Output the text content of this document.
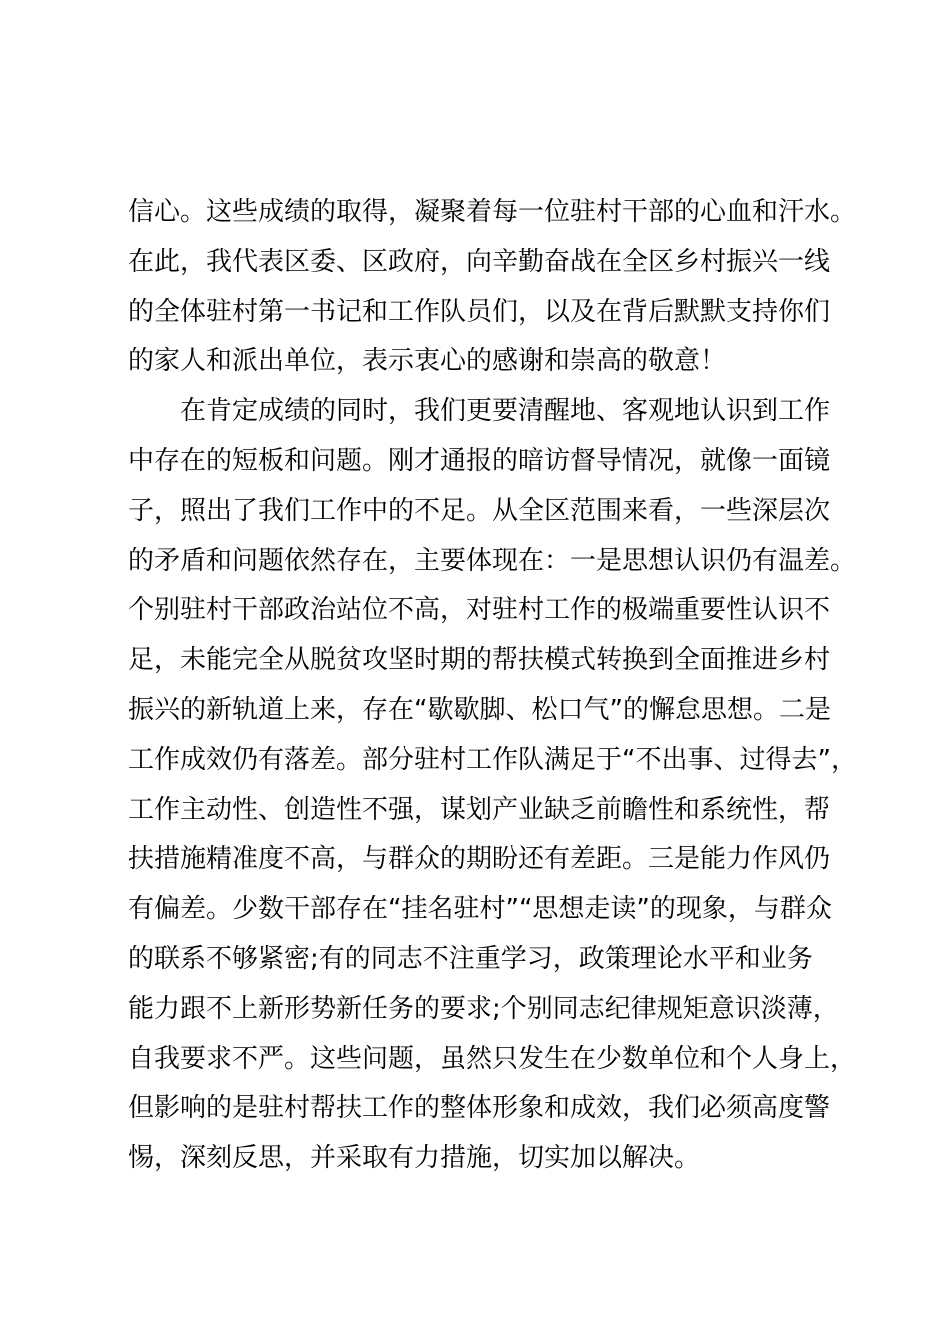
信心。这些成绩的取得，凝聚着每一位驻村干部的心血和汗水。
在此，我代表区委、区政府，向辛勤奋战在全区乡村振兴一线
的全体驻村第一书记和工作队员们，以及在背后默默支持你们
的家人和派出单位，表示衷心的感谢和崇高的敬意！
在肯定成绩的同时，我们更要清醒地、客观地认识到工作
中存在的短板和问题。刚才通报的暗访督导情况，就像一面镜
子，照出了我们工作中的不足。从全区范围来看，一些深层次
的矛盾和问题依然存在，主要体现在：一是思想认识仍有温差。
个别驻村干部政治站位不高，对驻村工作的极端重要性认识不
足，未能完全从脱贫攻坚时期的帮扶模式转换到全面推进乡村
振兴的新轨道上来，存在“歇歇脚、松口气”的懈怠思想。二是
工作成效仍有落差。部分驻村工作队满足于“不出事、过得去”，
工作主动性、创造性不强，谋划产业缺乏前瞻性和系统性，帮
扶措施精准度不高，与群众的期盼还有差距。三是能力作风仍
有偏差。少数干部存在“挂名驻村”“思想走读”的现象，与群众
的联系不够紧密;有的同志不注重学习，政策理论水平和业务
能力跟不上新形势新任务的要求;个别同志纪律规矩意识淡薄，
自我要求不严。这些问题，虽然只发生在少数单位和个人身上，
但影响的是驻村帮扶工作的整体形象和成效，我们必须高度警
惕，深刻反思，并采取有力措施，切实加以解决。
